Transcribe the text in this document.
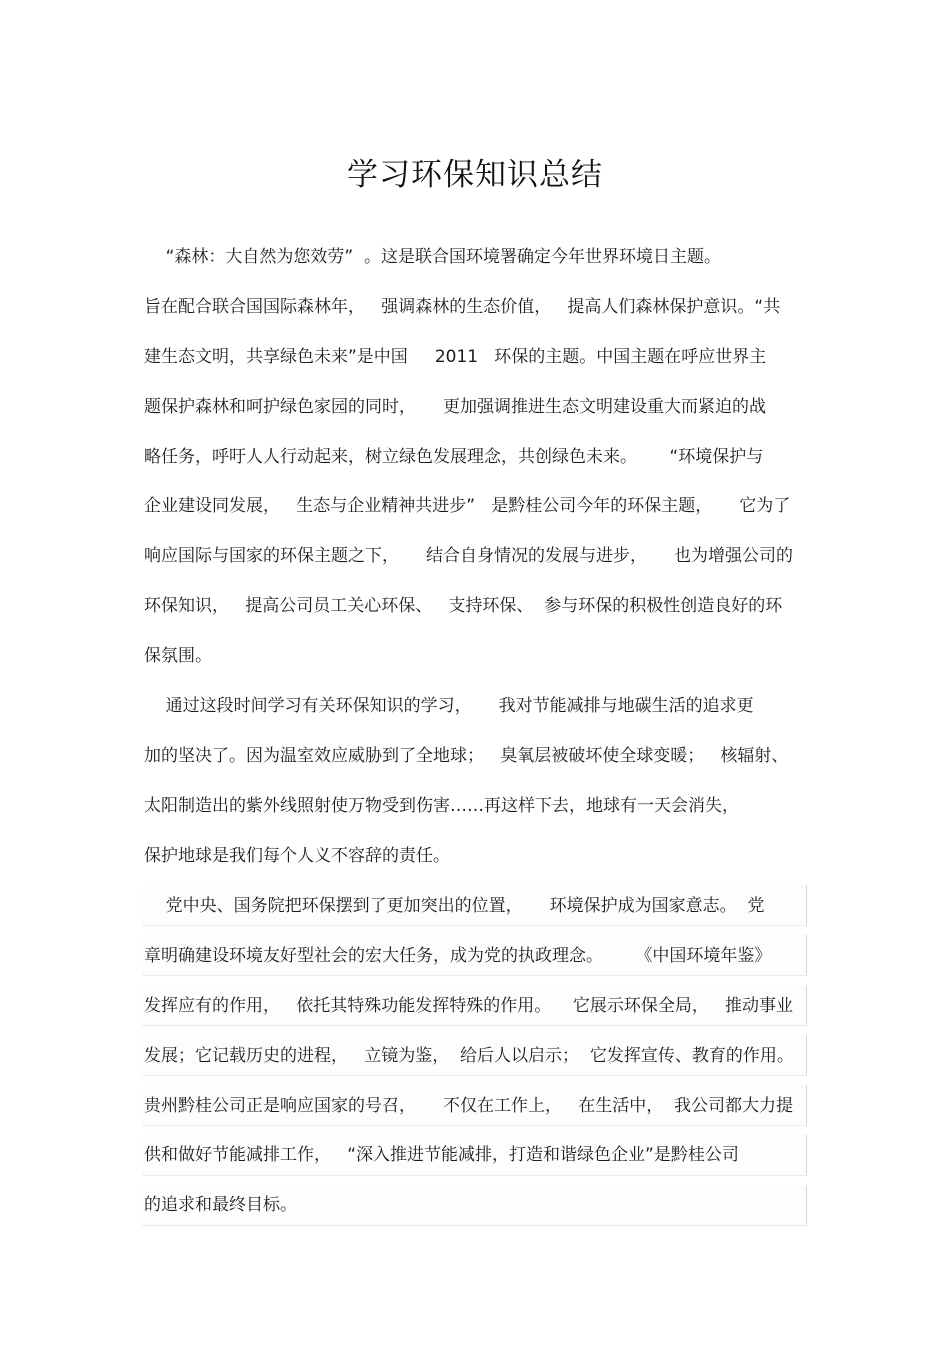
学习环保知识总结
“森林：大自然为您效劳”  。这是联合国环境署确定今年世界环境日主题。
旨在配合联合国国际森林年，   强调森林的生态价值，   提高人们森林保护意识。“共
建生态文明，共享绿色未来”是中国     2011   环保的主题。中国主题在呼应世界主
题保护森林和呵护绿色家园的同时，     更加强调推进生态文明建设重大而紧迫的战
略任务，呼吁人人行动起来，树立绿色发展理念，共创绿色未来。      “环境保护与
企业建设同发展，   生态与企业精神共进步”   是黔桂公司今年的环保主题，     它为了
响应国际与国家的环保主题之下，     结合自身情况的发展与进步，     也为增强公司的
环保知识，   提高公司员工关心环保、   支持环保、  参与环保的积极性创造良好的环
保氛围。
通过这段时间学习有关环保知识的学习，     我对节能减排与地碳生活的追求更
加的坚决了。因为温室效应威胁到了全地球；   臭氧层被破坏使全球变暖；   核辐射、
太阳制造出的紫外线照射使万物受到伤害……再这样下去，地球有一天会消失，
保护地球是我们每个人义不容辞的责任。
党中央、国务院把环保摆到了更加突出的位置，     环境保护成为国家意志。  党
章明确建设环境友好型社会的宏大任务，成为党的执政理念。      《中国环境年鉴》
发挥应有的作用，   依托其特殊功能发挥特殊的作用。    它展示环保全局，   推动事业
发展；它记载历史的进程，   立镜为鉴，  给后人以启示；  它发挥宣传、教育的作用。
贵州黔桂公司正是响应国家的号召，     不仅在工作上，   在生活中，  我公司都大力提
供和做好节能减排工作，   “深入推进节能减排，打造和谐绿色企业”是黔桂公司
的追求和最终目标。
